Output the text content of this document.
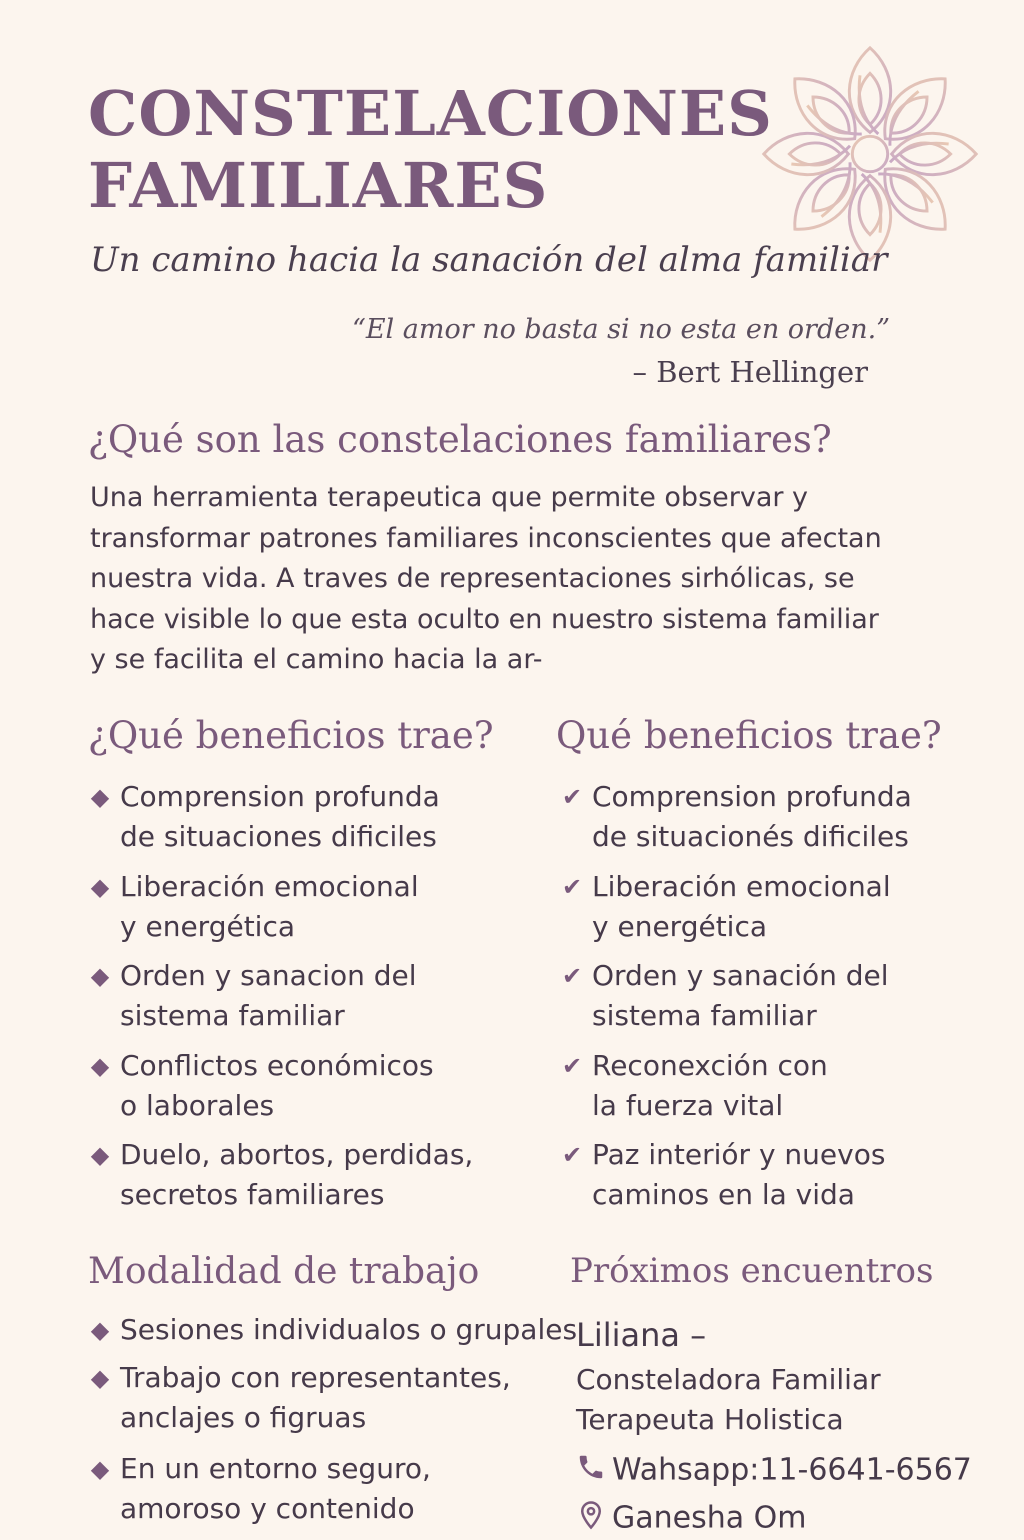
CONSTELACIONES
FAMILIARES
Un camino hacia la sanación del alma familiar
“El amor no basta si no esta en orden.”
– Bert Hellinger
¿Qué son las constelaciones familiares?
Una herramienta terapeutica que permite observar y
transformar patrones familiares inconscientes que afectan
nuestra vida. A traves de representaciones sirhólicas, se
hace visible lo que esta oculto en nuestro sistema familiar
y se facilita el camino hacia la ar-
¿Qué beneficios trae?
◆ Comprension profunda
de situaciones dificiles
◆ Liberación emocional
y energética
◆ Orden y sanacion del
sistema familiar
◆ Conflictos económicos
o laborales
◆ Duelo, abortos, perdidas,
secretos familiares
Qué beneficios trae?
✔ Comprension profunda
de situacionés dificiles
✔ Liberación emocional
y energética
✔ Orden y sanación del
sistema familiar
✔ Reconexción con
la fuerza vital
✔ Paz interiór y nuevos
caminos en la vida
Modalidad de trabajo
◆ Sesiones individualos o grupales
◆ Trabajo con representantes,
anclajes o figruas
◆ En un entorno seguro,
amoroso y contenido
Próximos encuentros
Liliana –
Consteladora Familiar
Terapeuta Holistica
Wahsapp:11-6641-6567
Ganesha Om
